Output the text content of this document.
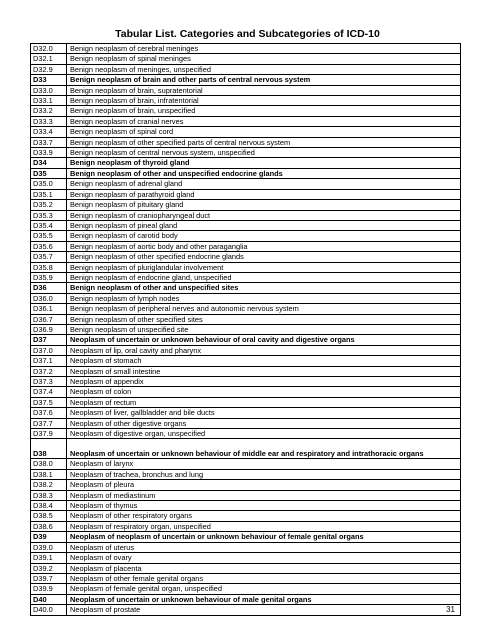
Tabular List. Categories and Subcategories of ICD-10
D32.0	Benign neoplasm of cerebral meninges
D32.1	Benign neoplasm of spinal meninges
D32.9	Benign neoplasm of meninges, unspecified
D33	Benign neoplasm of brain and other parts of central nervous system
D33.0	Benign neoplasm of brain, supratentorial
D33.1	Benign neoplasm of brain, infratentorial
D33.2	Benign neoplasm of brain, unspecified
D33.3	Benign neoplasm of cranial nerves
D33.4	Benign neoplasm of spinal cord
D33.7	Benign neoplasm of other specified parts of central nervous system
D33.9	Benign neoplasm of central nervous system, unspecified
D34	Benign neoplasm of thyroid gland
D35	Benign neoplasm of other and unspecified endocrine glands
D35.0	Benign neoplasm of adrenal gland
D35.1	Benign neoplasm of parathyroid gland
D35.2	Benign neoplasm of pituitary gland
D35.3	Benign neoplasm of craniopharyngeal duct
D35.4	Benign neoplasm of pineal gland
D35.5	Benign neoplasm of carotid body
D35.6	Benign neoplasm of aortic body and other paraganglia
D35.7	Benign neoplasm of other specified endocrine glands
D35.8	Benign neoplasm of pluriglandular involvement
D35.9	Benign neoplasm of endocrine gland, unspecified
D36	Benign neoplasm of other and unspecified sites
D36.0	Benign neoplasm of lymph nodes
D36.1	Benign neoplasm of peripheral nerves and autonomic nervous system
D36.7	Benign neoplasm of other specified sites
D36.9	Benign neoplasm of unspecified site
D37	Neoplasm of uncertain or unknown behaviour of oral cavity and digestive organs
D37.0	Neoplasm of lip, oral cavity and pharynx
D37.1	Neoplasm of stomach
D37.2	Neoplasm of small intestine
D37.3	Neoplasm of appendix
D37.4	Neoplasm of colon
D37.5	Neoplasm of rectum
D37.6	Neoplasm of liver, gallbladder and bile ducts
D37.7	Neoplasm of other digestive organs
D37.9	Neoplasm of digestive organ, unspecified
D38	Neoplasm of uncertain or unknown behaviour of middle ear and respiratory and intrathoracic organs
D38.0	Neoplasm of larynx
D38.1	Neoplasm of trachea, bronchus and lung
D38.2	Neoplasm of pleura
D38.3	Neoplasm of mediastinum
D38.4	Neoplasm of thymus
D38.5	Neoplasm of other respiratory organs
D38.6	Neoplasm of respiratory organ, unspecified
D39	Neoplasm of neoplasm of uncertain or unknown behaviour of female genital organs
D39.0	Neoplasm of uterus
D39.1	Neoplasm of ovary
D39.2	Neoplasm of placenta
D39.7	Neoplasm of other female genital organs
D39.9	Neoplasm of female genital organ, unspecified
D40	Neoplasm of uncertain or unknown behaviour of male genital organs
D40.0	Neoplasm of prostate	31
